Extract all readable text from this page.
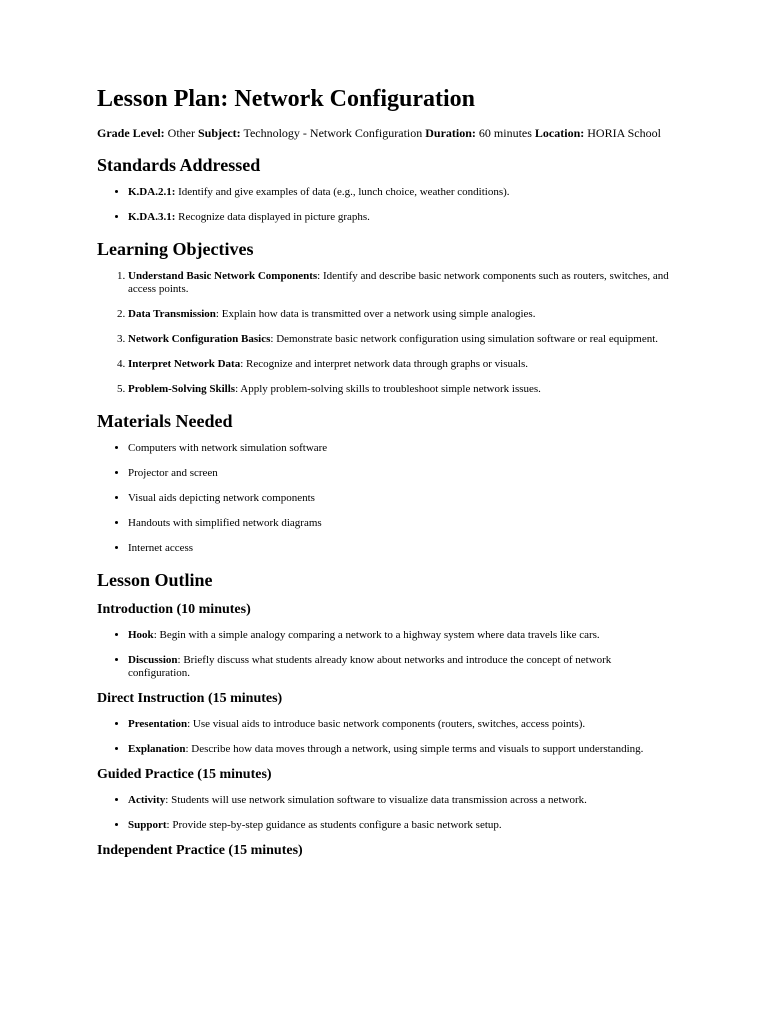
Lesson Plan: Network Configuration

Grade Level: Other Subject: Technology - Network Configuration Duration: 60 minutes Location: HORIA School

Standards Addressed
• K.DA.2.1: Identify and give examples of data (e.g., lunch choice, weather conditions).
• K.DA.3.1: Recognize data displayed in picture graphs.
Learning Objectives
1. Understand Basic Network Components: Identify and describe basic network components such as routers, switches, and access points.
2. Data Transmission: Explain how data is transmitted over a network using simple analogies.
3. Network Configuration Basics: Demonstrate basic network configuration using simulation software or real equipment.
4. Interpret Network Data: Recognize and interpret network data through graphs or visuals.
5. Problem-Solving Skills: Apply problem-solving skills to troubleshoot simple network issues.
Materials Needed
• Computers with network simulation software
• Projector and screen
• Visual aids depicting network components
• Handouts with simplified network diagrams
• Internet access
Lesson Outline
Introduction (10 minutes)
• Hook: Begin with a simple analogy comparing a network to a highway system where data travels like cars.
• Discussion: Briefly discuss what students already know about networks and introduce the concept of network configuration.
Direct Instruction (15 minutes)
• Presentation: Use visual aids to introduce basic network components (routers, switches, access points).
• Explanation: Describe how data moves through a network, using simple terms and visuals to support understanding.
Guided Practice (15 minutes)
• Activity: Students will use network simulation software to visualize data transmission across a network.
• Support: Provide step-by-step guidance as students configure a basic network setup.
Independent Practice (15 minutes)
